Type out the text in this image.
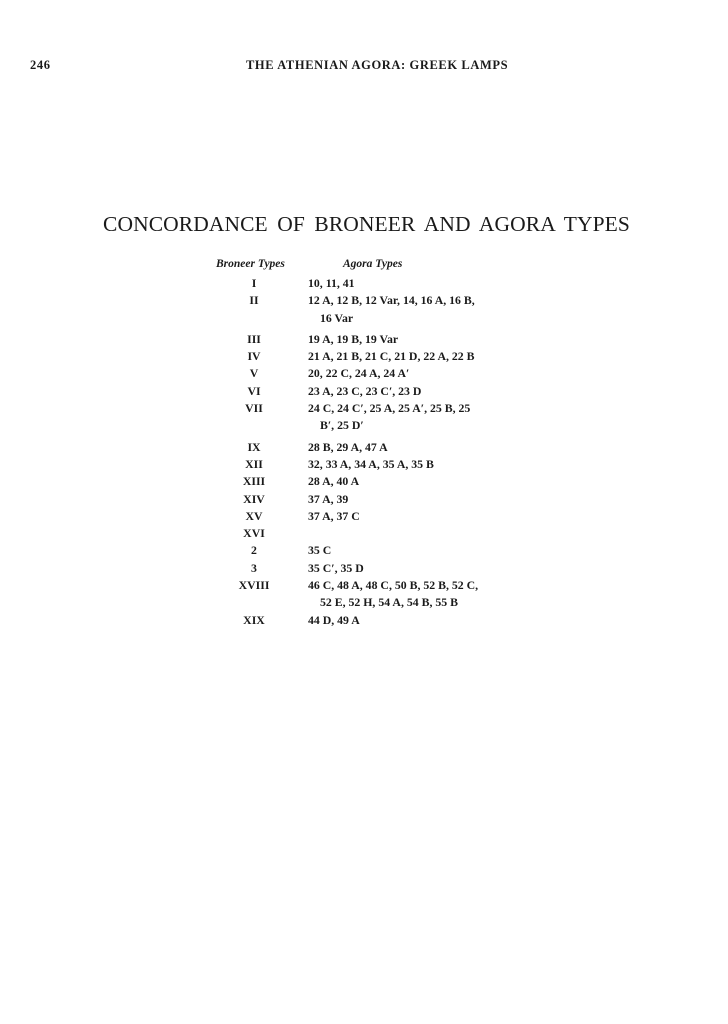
246	THE ATHENIAN AGORA: GREEK LAMPS
CONCORDANCE OF BRONEER AND AGORA TYPES
Broneer Types	Agora Types
I	10, 11, 41
II	12 A, 12 B, 12 Var, 14, 16 A, 16 B,
16 Var
III	19 A, 19 B, 19 Var
IV	21 A, 21 B, 21 C, 21 D, 22 A, 22 B
V	20, 22 C, 24 A, 24 A′
VI	23 A, 23 C, 23 C′, 23 D
VII	24 C, 24 C′, 25 A, 25 A′, 25 B, 25
B′, 25 D′
IX	28 B, 29 A, 47 A
XII	32, 33 A, 34 A, 35 A, 35 B
XIII	28 A, 40 A
XIV	37 A, 39
XV	37 A, 37 C
XVI

2	35 C
3	35 C′, 35 D
XVIII	46 C, 48 A, 48 C, 50 B, 52 B, 52 C,
52 E, 52 H, 54 A, 54 B, 55 B
XIX	44 D, 49 A
